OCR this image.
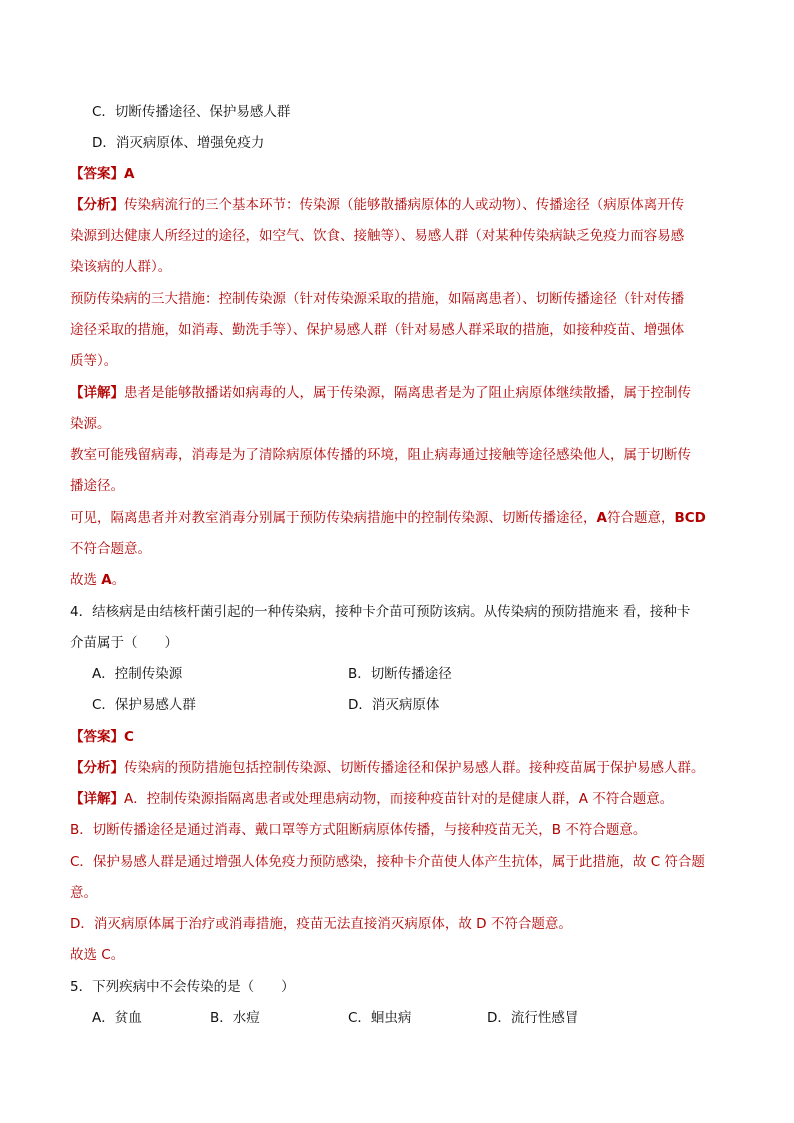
C．切断传播途径、保护易感人群
D．消灭病原体、增强免疫力
【答案】A
【分析】传染病流行的三个基本环节：传染源（能够散播病原体的人或动物）、传播途径（病原体离开传
染源到达健康人所经过的途径，如空气、饮食、接触等）、易感人群（对某种传染病缺乏免疫力而容易感
染该病的人群）。
预防传染病的三大措施：控制传染源（针对传染源采取的措施，如隔离患者）、切断传播途径（针对传播
途径采取的措施，如消毒、勤洗手等）、保护易感人群（针对易感人群采取的措施，如接种疫苗、增强体
质等）。
【详解】患者是能够散播诺如病毒的人，属于传染源，隔离患者是为了阻止病原体继续散播，属于控制传
染源。
教室可能残留病毒，消毒是为了清除病原体传播的环境，阻止病毒通过接触等途径感染他人，属于切断传
播途径。
可见，隔离患者并对教室消毒分别属于预防传染病措施中的控制传染源、切断传播途径，A符合题意，BCD
不符合题意。
故选 A。
4．结核病是由结核杆菌引起的一种传染病，接种卡介苗可预防该病。从传染病的预防措施来 看，接种卡
介苗属于（　　）
A．控制传染源	B．切断传播途径
C．保护易感人群	D．消灭病原体
【答案】C
【分析】传染病的预防措施包括控制传染源、切断传播途径和保护易感人群。接种疫苗属于保护易感人群。
【详解】A．控制传染源指隔离患者或处理患病动物，而接种疫苗针对的是健康人群，A 不符合题意。
B．切断传播途径是通过消毒、戴口罩等方式阻断病原体传播，与接种疫苗无关，B 不符合题意。
C．保护易感人群是通过增强人体免疫力预防感染，接种卡介苗使人体产生抗体，属于此措施，故 C 符合题
意。
D．消灭病原体属于治疗或消毒措施，疫苗无法直接消灭病原体，故 D 不符合题意。
故选 C。
5．下列疾病中不会传染的是（　　）
A．贫血	B．水痘	C．蛔虫病	D．流行性感冒
